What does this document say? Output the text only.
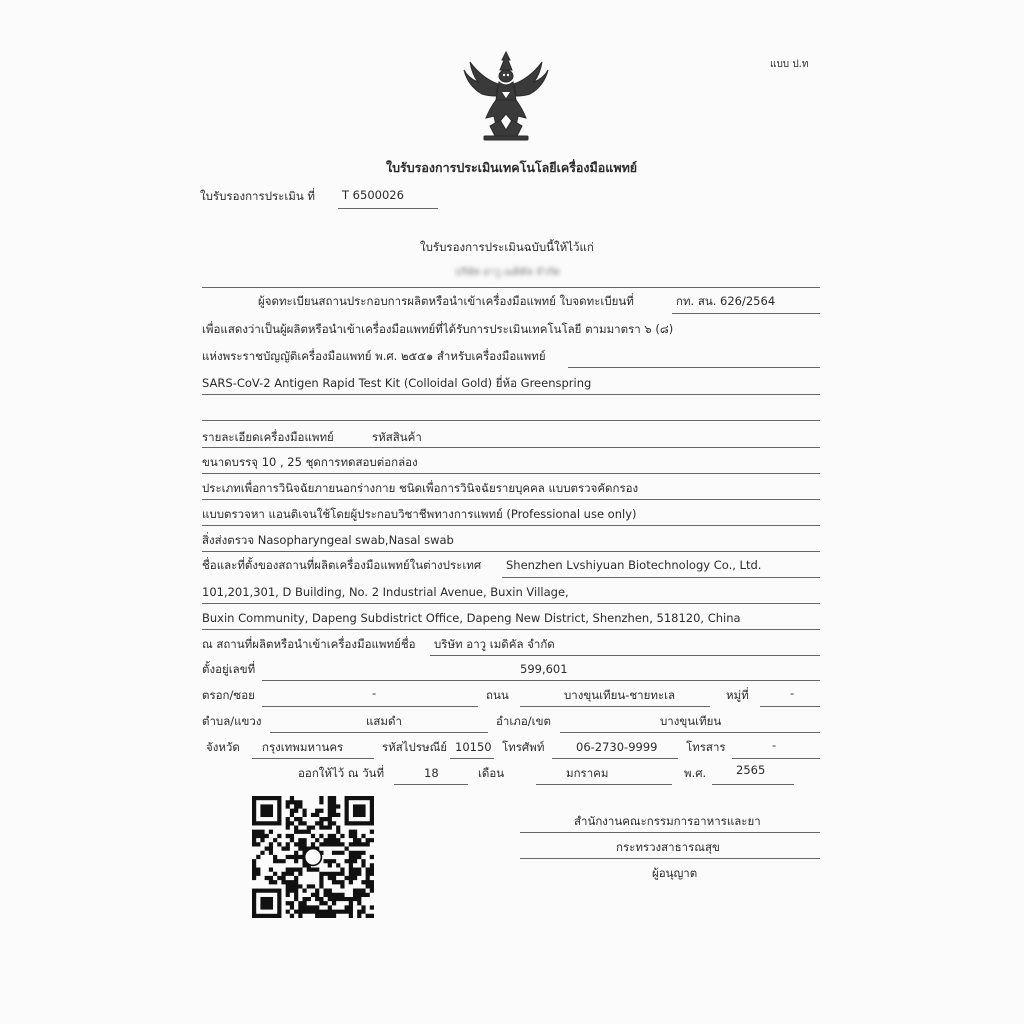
แบบ ป.ท
ใบรับรองการประเมินเทคโนโลยีเครื่องมือแพทย์
ใบรับรองการประเมิน ที่ T 6500026
ใบรับรองการประเมินฉบับนี้ให้ไว้แก่
บริษัท อาวู เมดิคัล จำกัด
ผู้จดทะเบียนสถานประกอบการผลิตหรือนำเข้าเครื่องมือแพทย์ ใบจดทะเบียนที่	กท. สน. 626/2564
เพื่อแสดงว่าเป็นผู้ผลิตหรือนำเข้าเครื่องมือแพทย์ที่ได้รับการประเมินเทคโนโลยี ตามมาตรา ๖ (๘)
แห่งพระราชบัญญัติเครื่องมือแพทย์ พ.ศ. ๒๕๕๑ สำหรับเครื่องมือแพทย์
SARS-CoV-2 Antigen Rapid Test Kit (Colloidal Gold) ยี่ห้อ Greenspring
รายละเอียดเครื่องมือแพทย์	รหัสสินค้า
ขนาดบรรจุ 10 , 25 ชุดการทดสอบต่อกล่อง
ประเภทเพื่อการวินิจฉัยภายนอกร่างกาย ชนิดเพื่อการวินิจฉัยรายบุคคล แบบตรวจคัดกรอง
แบบตรวจหา แอนติเจนใช้โดยผู้ประกอบวิชาชีพทางการแพทย์ (Professional use only)
สิ่งส่งตรวจ Nasopharyngeal swab,Nasal swab
ชื่อและที่ตั้งของสถานที่ผลิตเครื่องมือแพทย์ในต่างประเทศ Shenzhen Lvshiyuan Biotechnology Co., Ltd.
101,201,301, D Building, No. 2 Industrial Avenue, Buxin Village,
Buxin Community, Dapeng Subdistrict Office, Dapeng New District, Shenzhen, 518120, China
ณ สถานที่ผลิตหรือนำเข้าเครื่องมือแพทย์ชื่อ บริษัท อาวู เมดิคัล จำกัด
ตั้งอยู่เลขที่	599,601
ตรอก/ซอย	-	ถนน	บางขุนเทียน-ชายทะเล	หมู่ที่	-
ตำบล/แขวง	แสมดำ	อำเภอ/เขต	บางขุนเทียน
จังหวัด กรุงเทพมหานคร	รหัสไปรษณีย์ 10150 โทรศัพท์	06-2730-9999 โทรสาร	-
ออกให้ไว้ ณ วันที่	18	เดือน	มกราคม	พ.ศ.	2565
สำนักงานคณะกรรมการอาหารและยา
กระทรวงสาธารณสุข
ผู้อนุญาต
